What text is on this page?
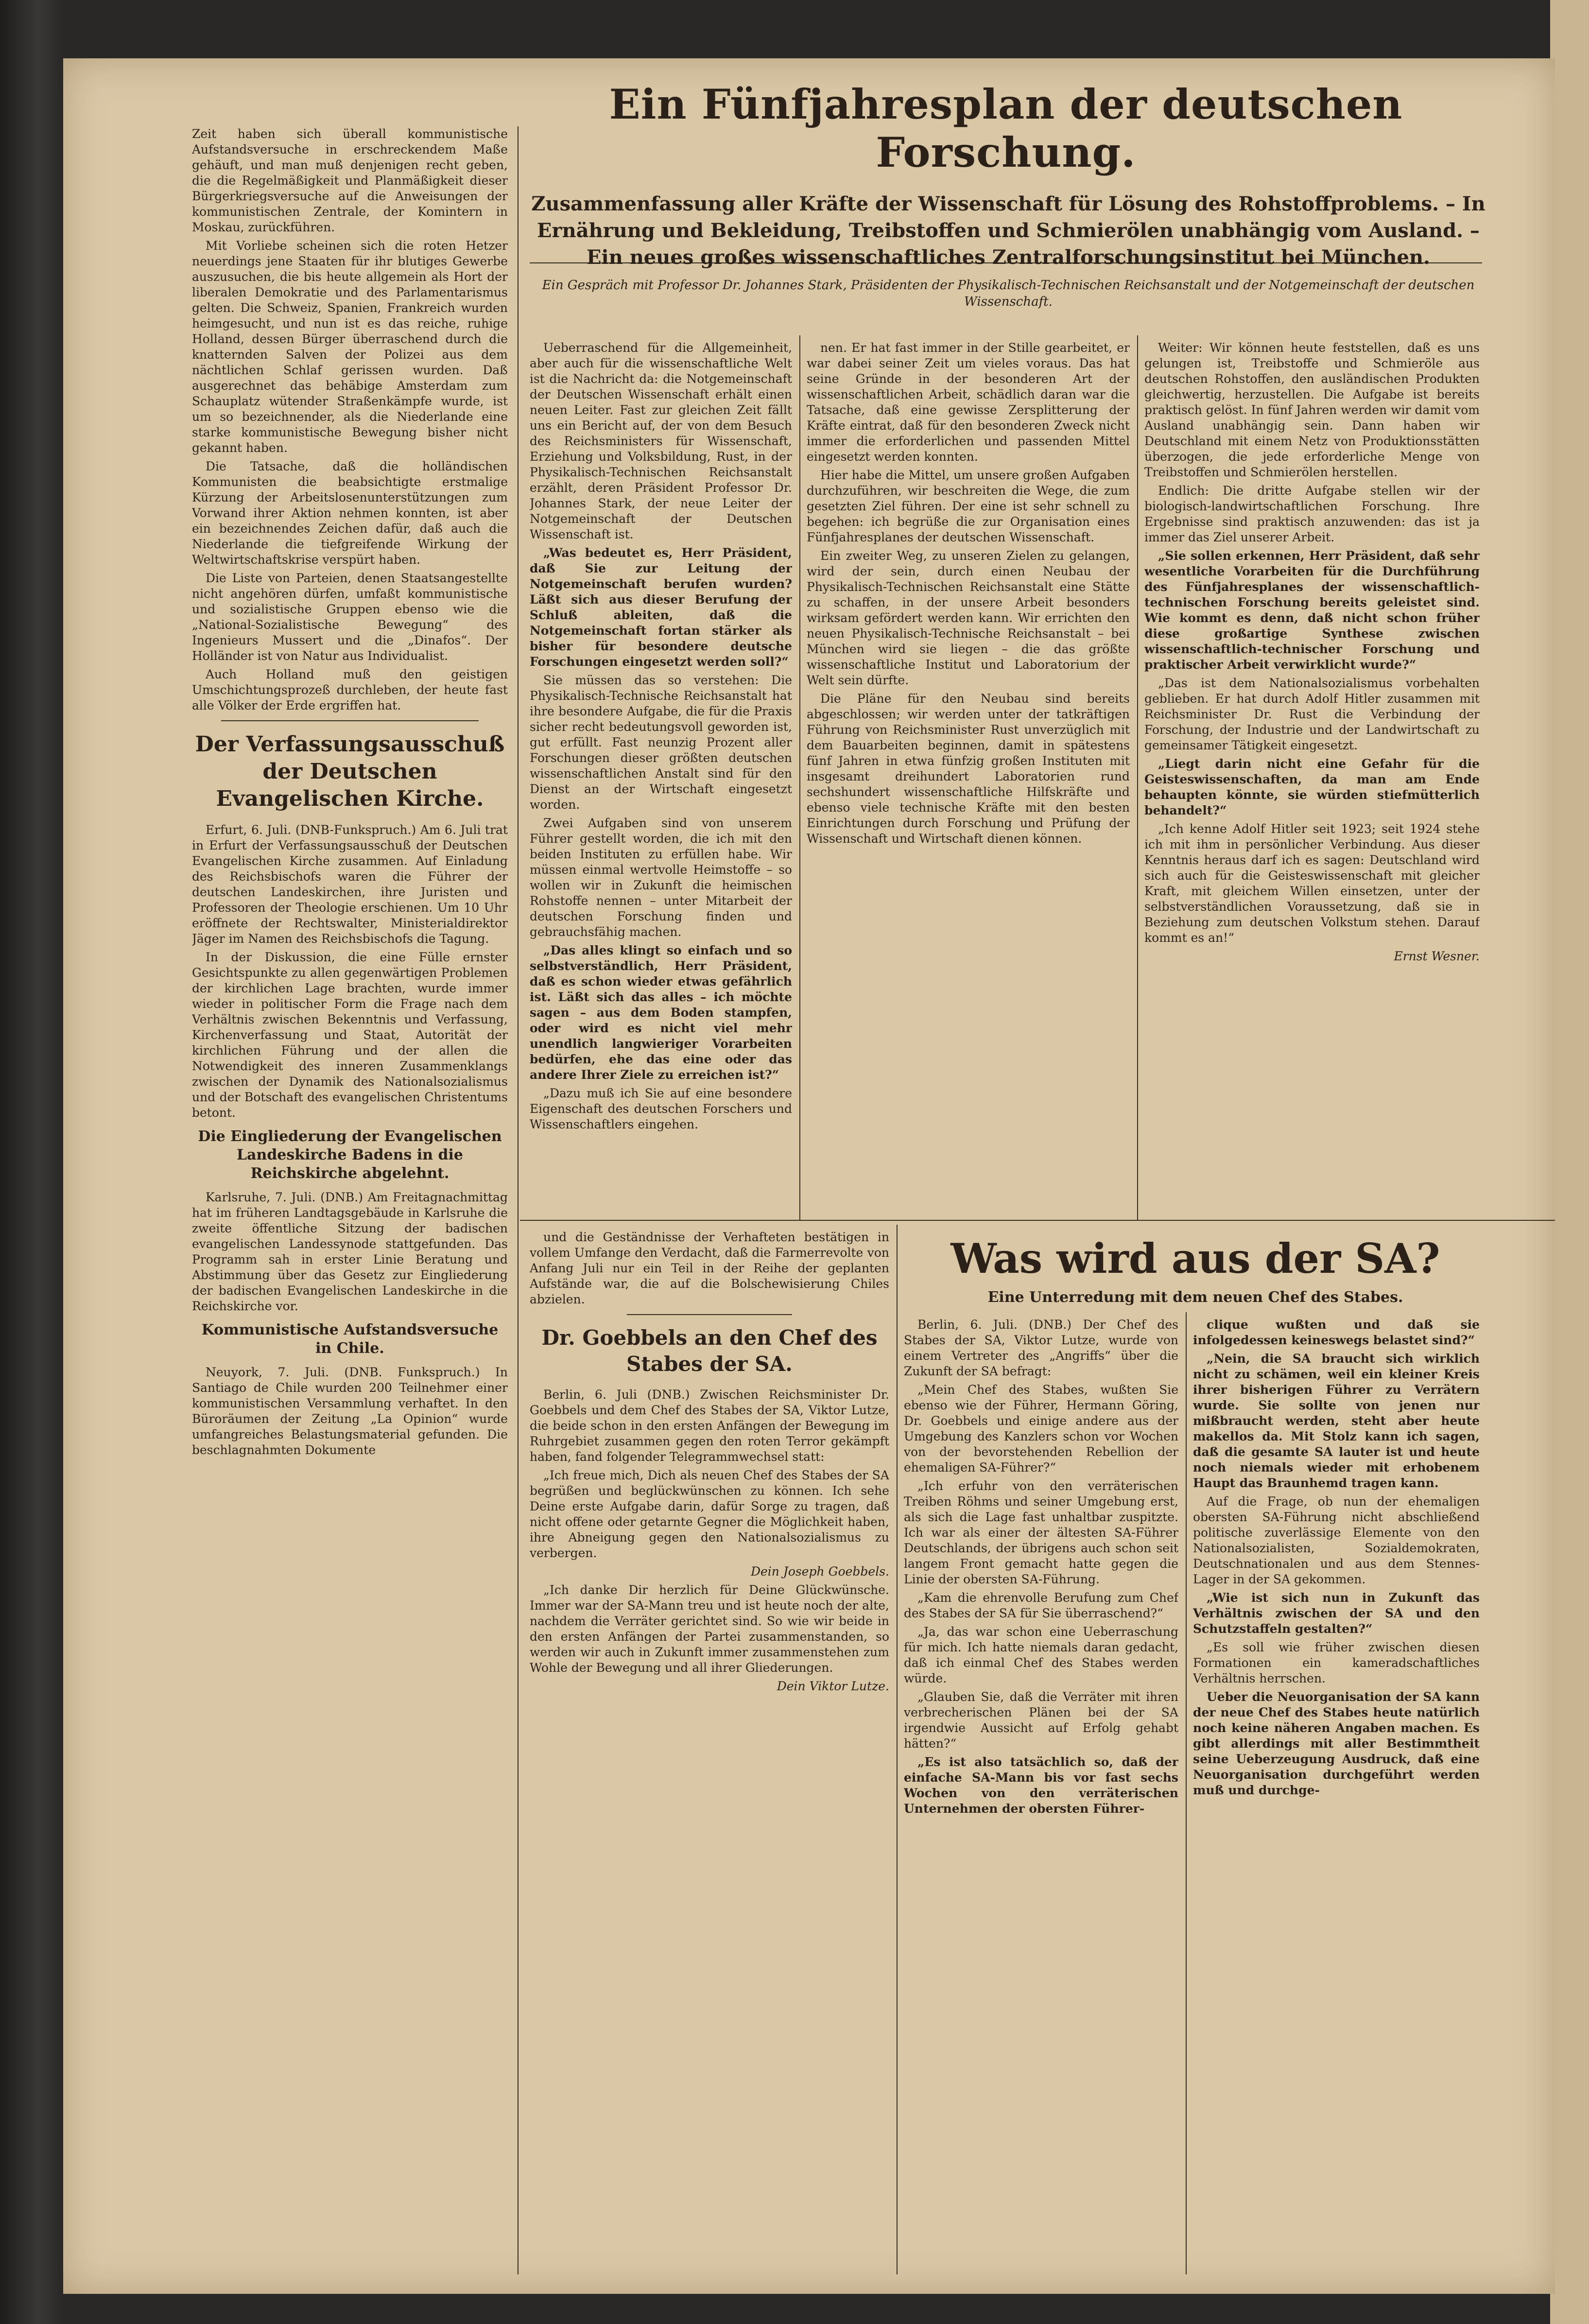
Zeit haben sich überall kommunistische Aufstandsversuche in erschreckendem Maße gehäuft, und man muß denjenigen recht geben, die die Regelmäßigkeit und Planmäßigkeit dieser Bürgerkriegsversuche auf die Anweisungen der kommunistischen Zentrale, der Komintern in Moskau, zurückführen.

Mit Vorliebe scheinen sich die roten Hetzer neuerdings jene Staaten für ihr blutiges Gewerbe auszusuchen, die bis heute allgemein als Hort der liberalen Demokratie und des Parlamentarismus gelten. Die Schweiz, Spanien, Frankreich wurden heimgesucht, und nun ist es das reiche, ruhige Holland, dessen Bürger überraschend durch die knatternden Salven der Polizei aus dem nächtlichen Schlaf gerissen wurden. Daß ausgerechnet das behäbige Amsterdam zum Schauplatz wütender Straßenkämpfe wurde, ist um so bezeichnender, als die Niederlande eine starke kommunistische Bewegung bisher nicht gekannt haben.

Die Tatsache, daß die holländischen Kommunisten die beabsichtigte erstmalige Kürzung der Arbeitslosenunterstützungen zum Vorwand ihrer Aktion nehmen konnten, ist aber ein bezeichnendes Zeichen dafür, daß auch die Niederlande die tiefgreifende Wirkung der Weltwirtschaftskrise verspürt haben.

Die Liste von Parteien, denen Staatsangestellte nicht angehören dürfen, umfaßt kommunistische und sozialistische Gruppen ebenso wie die „National-Sozialistische Bewegung“ des Ingenieurs Mussert und die „Dinafos“. Der Holländer ist von Natur aus Individualist.

Auch Holland muß den geistigen Umschichtungsprozeß durchleben, der heute fast alle Völker der Erde ergriffen hat.

Der Verfassungsausschuß der Deutschen Evangelischen Kirche.

Erfurt, 6. Juli. (DNB-Funkspruch.) Am 6. Juli trat in Erfurt der Verfassungsausschuß der Deutschen Evangelischen Kirche zusammen. Auf Einladung des Reichsbischofs waren die Führer der deutschen Landeskirchen, ihre Juristen und Professoren der Theologie erschienen. Um 10 Uhr eröffnete der Rechtswalter, Ministerialdirektor Jäger im Namen des Reichsbischofs die Tagung.

In der Diskussion, die eine Fülle ernster Gesichtspunkte zu allen gegenwärtigen Problemen der kirchlichen Lage brachten, wurde immer wieder in politischer Form die Frage nach dem Verhältnis zwischen Bekenntnis und Verfassung, Kirchenverfassung und Staat, Autorität der kirchlichen Führung und der allen die Notwendigkeit des inneren Zusammenklangs zwischen der Dynamik des Nationalsozialismus und der Botschaft des evangelischen Christentums betont.

Die Eingliederung der Evangelischen Landeskirche Badens in die Reichskirche abgelehnt.

Karlsruhe, 7. Juli. (DNB.) Am Freitagnachmittag hat im früheren Landtagsgebäude in Karlsruhe die zweite öffentliche Sitzung der badischen evangelischen Landessynode stattgefunden. Das Programm sah in erster Linie Beratung und Abstimmung über das Gesetz zur Eingliederung der badischen Evangelischen Landeskirche in die Reichskirche vor.

Kommunistische Aufstandsversuche in Chile.

Neuyork, 7. Juli. (DNB. Funkspruch.) In Santiago de Chile wurden 200 Teilnehmer einer kommunistischen Versammlung verhaftet. In den Büroräumen der Zeitung „La Opinion“ wurde umfangreiches Belastungsmaterial gefunden. Die beschlagnahmten Dokumente

Ein Fünfjahresplan der deutschen Forschung.
Zusammenfassung aller Kräfte der Wissenschaft für Lösung des Rohstoffproblems. – In
Ernährung und Bekleidung, Treibstoffen und Schmierölen unabhängig vom Ausland. –
Ein neues großes wissenschaftliches Zentralforschungsinstitut bei München.
Ein Gespräch mit Professor Dr. Johannes Stark, Präsidenten der Physikalisch-Technischen Reichsanstalt und der Notgemeinschaft der deutschen Wissenschaft.

Ueberraschend für die Allgemeinheit, aber auch für die wissenschaftliche Welt ist die Nachricht da: die Notgemeinschaft der Deutschen Wissenschaft erhält einen neuen Leiter. Fast zur gleichen Zeit fällt uns ein Bericht auf, der von dem Besuch des Reichsministers für Wissenschaft, Erziehung und Volksbildung, Rust, in der Physikalisch-Technischen Reichsanstalt erzählt, deren Präsident Professor Dr. Johannes Stark, der neue Leiter der Notgemeinschaft der Deutschen Wissenschaft ist.

„Was bedeutet es, Herr Präsident, daß Sie zur Leitung der Notgemeinschaft berufen wurden? Läßt sich aus dieser Berufung der Schluß ableiten, daß die Notgemeinschaft fortan stärker als bisher für besondere deutsche Forschungen eingesetzt werden soll?“

Sie müssen das so verstehen: Die Physikalisch-Technische Reichsanstalt hat ihre besondere Aufgabe, die für die Praxis sicher recht bedeutungsvoll geworden ist, gut erfüllt. Fast neunzig Prozent aller Forschungen dieser größten deutschen wissenschaftlichen Anstalt sind für den Dienst an der Wirtschaft eingesetzt worden.

Zwei Aufgaben sind von unserem Führer gestellt worden, die ich mit den beiden Instituten zu erfüllen habe. Wir müssen einmal wertvolle Heimstoffe – so wollen wir in Zukunft die heimischen Rohstoffe nennen – unter Mitarbeit der deutschen Forschung finden und gebrauchsfähig machen.

„Das alles klingt so einfach und so selbstverständlich, Herr Präsident, daß es schon wieder etwas gefährlich ist. Läßt sich das alles – ich möchte sagen – aus dem Boden stampfen, oder wird es nicht viel mehr unendlich langwieriger Vorarbeiten bedürfen, ehe das eine oder das andere Ihrer Ziele zu erreichen ist?“

„Dazu muß ich Sie auf eine besondere Eigenschaft des deutschen Forschers und Wissenschaftlers eingehen.

nen. Er hat fast immer in der Stille gearbeitet, er war dabei seiner Zeit um vieles voraus. Das hat seine Gründe in der besonderen Art der wissenschaftlichen Arbeit, schädlich daran war die Tatsache, daß eine gewisse Zersplitterung der Kräfte eintrat, daß für den besonderen Zweck nicht immer die erforderlichen und passenden Mittel eingesetzt werden konnten.

Hier habe die Mittel, um unsere großen Aufgaben durchzuführen, wir beschreiten die Wege, die zum gesetzten Ziel führen. Der eine ist sehr schnell zu begehen: ich begrüße die zur Organisation eines Fünfjahresplanes der deutschen Wissenschaft.

Ein zweiter Weg, zu unseren Zielen zu gelangen, wird der sein, durch einen Neubau der Physikalisch-Technischen Reichsanstalt eine Stätte zu schaffen, in der unsere Arbeit besonders wirksam gefördert werden kann. Wir errichten den neuen Physikalisch-Technische Reichsanstalt – bei München wird sie liegen – die das größte wissenschaftliche Institut und Laboratorium der Welt sein dürfte.

Die Pläne für den Neubau sind bereits abgeschlossen; wir werden unter der tatkräftigen Führung von Reichsminister Rust unverzüglich mit dem Bauarbeiten beginnen, damit in spätestens fünf Jahren in etwa fünfzig großen Instituten mit insgesamt dreihundert Laboratorien rund sechshundert wissenschaftliche Hilfskräfte und ebenso viele technische Kräfte mit den besten Einrichtungen durch Forschung und Prüfung der Wissenschaft und Wirtschaft dienen können.

Weiter: Wir können heute feststellen, daß es uns gelungen ist, Treibstoffe und Schmieröle aus deutschen Rohstoffen, den ausländischen Produkten gleichwertig, herzustellen. Die Aufgabe ist bereits praktisch gelöst. In fünf Jahren werden wir damit vom Ausland unabhängig sein. Dann haben wir Deutschland mit einem Netz von Produktionsstätten überzogen, die jede erforderliche Menge von Treibstoffen und Schmierölen herstellen.

Endlich: Die dritte Aufgabe stellen wir der biologisch-landwirtschaftlichen Forschung. Ihre Ergebnisse sind praktisch anzuwenden: das ist ja immer das Ziel unserer Arbeit.

„Sie sollen erkennen, Herr Präsident, daß sehr wesentliche Vorarbeiten für die Durchführung des Fünfjahresplanes der wissenschaftlich-technischen Forschung bereits geleistet sind. Wie kommt es denn, daß nicht schon früher diese großartige Synthese zwischen wissenschaftlich-technischer Forschung und praktischer Arbeit verwirklicht wurde?“

„Das ist dem Nationalsozialismus vorbehalten geblieben. Er hat durch Adolf Hitler zusammen mit Reichsminister Dr. Rust die Verbindung der Forschung, der Industrie und der Landwirtschaft zu gemeinsamer Tätigkeit eingesetzt.

„Liegt darin nicht eine Gefahr für die Geisteswissenschaften, da man am Ende behaupten könnte, sie würden stiefmütterlich behandelt?“

„Ich kenne Adolf Hitler seit 1923; seit 1924 stehe ich mit ihm in persönlicher Verbindung. Aus dieser Kenntnis heraus darf ich es sagen: Deutschland wird sich auch für die Geisteswissenschaft mit gleicher Kraft, mit gleichem Willen einsetzen, unter der selbstverständlichen Voraussetzung, daß sie in Beziehung zum deutschen Volkstum stehen. Darauf kommt es an!“

Ernst Wesner.

und die Geständnisse der Verhafteten bestätigen in vollem Umfange den Verdacht, daß die Farmerrevolte von Anfang Juli nur ein Teil in der Reihe der geplanten Aufstände war, die auf die Bolschewisierung Chiles abzielen.

Dr. Goebbels an den Chef des Stabes der SA.

Berlin, 6. Juli (DNB.) Zwischen Reichsminister Dr. Goebbels und dem Chef des Stabes der SA, Viktor Lutze, die beide schon in den ersten Anfängen der Bewegung im Ruhrgebiet zusammen gegen den roten Terror gekämpft haben, fand folgender Telegrammwechsel statt:

„Ich freue mich, Dich als neuen Chef des Stabes der SA begrüßen und beglückwünschen zu können. Ich sehe Deine erste Aufgabe darin, dafür Sorge zu tragen, daß nicht offene oder getarnte Gegner die Möglichkeit haben, ihre Abneigung gegen den Nationalsozialismus zu verbergen.

Dein Joseph Goebbels.

„Ich danke Dir herzlich für Deine Glückwünsche. Immer war der SA-Mann treu und ist heute noch der alte, nachdem die Verräter gerichtet sind. So wie wir beide in den ersten Anfängen der Partei zusammenstanden, so werden wir auch in Zukunft immer zusammenstehen zum Wohle der Bewegung und all ihrer Gliederungen.

Dein Viktor Lutze.

Was wird aus der SA?
Eine Unterredung mit dem neuen Chef des Stabes.

Berlin, 6. Juli. (DNB.) Der Chef des Stabes der SA, Viktor Lutze, wurde von einem Vertreter des „Angriffs“ über die Zukunft der SA befragt:

„Mein Chef des Stabes, wußten Sie ebenso wie der Führer, Hermann Göring, Dr. Goebbels und einige andere aus der Umgebung des Kanzlers schon vor Wochen von der bevorstehenden Rebellion der ehemaligen SA-Führer?“

„Ich erfuhr von den verräterischen Treiben Röhms und seiner Umgebung erst, als sich die Lage fast unhaltbar zuspitzte. Ich war als einer der ältesten SA-Führer Deutschlands, der übrigens auch schon seit langem Front gemacht hatte gegen die Linie der obersten SA-Führung.

„Kam die ehrenvolle Berufung zum Chef des Stabes der SA für Sie überraschend?“

„Ja, das war schon eine Ueberraschung für mich. Ich hatte niemals daran gedacht, daß ich einmal Chef des Stabes werden würde.

„Glauben Sie, daß die Verräter mit ihren verbrecherischen Plänen bei der SA irgendwie Aussicht auf Erfolg gehabt hätten?“

„Es ist also tatsächlich so, daß der einfache SA-Mann bis vor fast sechs Wochen von den verräterischen Unternehmen der obersten Führer-

clique wußten und daß sie infolgedessen keineswegs belastet sind?“

„Nein, die SA braucht sich wirklich nicht zu schämen, weil ein kleiner Kreis ihrer bisherigen Führer zu Verrätern wurde. Sie sollte von jenen nur mißbraucht werden, steht aber heute makellos da. Mit Stolz kann ich sagen, daß die gesamte SA lauter ist und heute noch niemals wieder mit erhobenem Haupt das Braunhemd tragen kann.

Auf die Frage, ob nun der ehemaligen obersten SA-Führung nicht abschließend politische zuverlässige Elemente von den Nationalsozialisten, Sozialdemokraten, Deutschnationalen und aus dem Stennes-Lager in der SA gekommen.

„Wie ist sich nun in Zukunft das Verhältnis zwischen der SA und den Schutzstaffeln gestalten?“

„Es soll wie früher zwischen diesen Formationen ein kameradschaftliches Verhältnis herrschen.

Ueber die Neuorganisation der SA kann der neue Chef des Stabes heute natürlich noch keine näheren Angaben machen. Es gibt allerdings mit aller Bestimmtheit seine Ueberzeugung Ausdruck, daß eine Neuorganisation durchgeführt werden muß und durchge-
